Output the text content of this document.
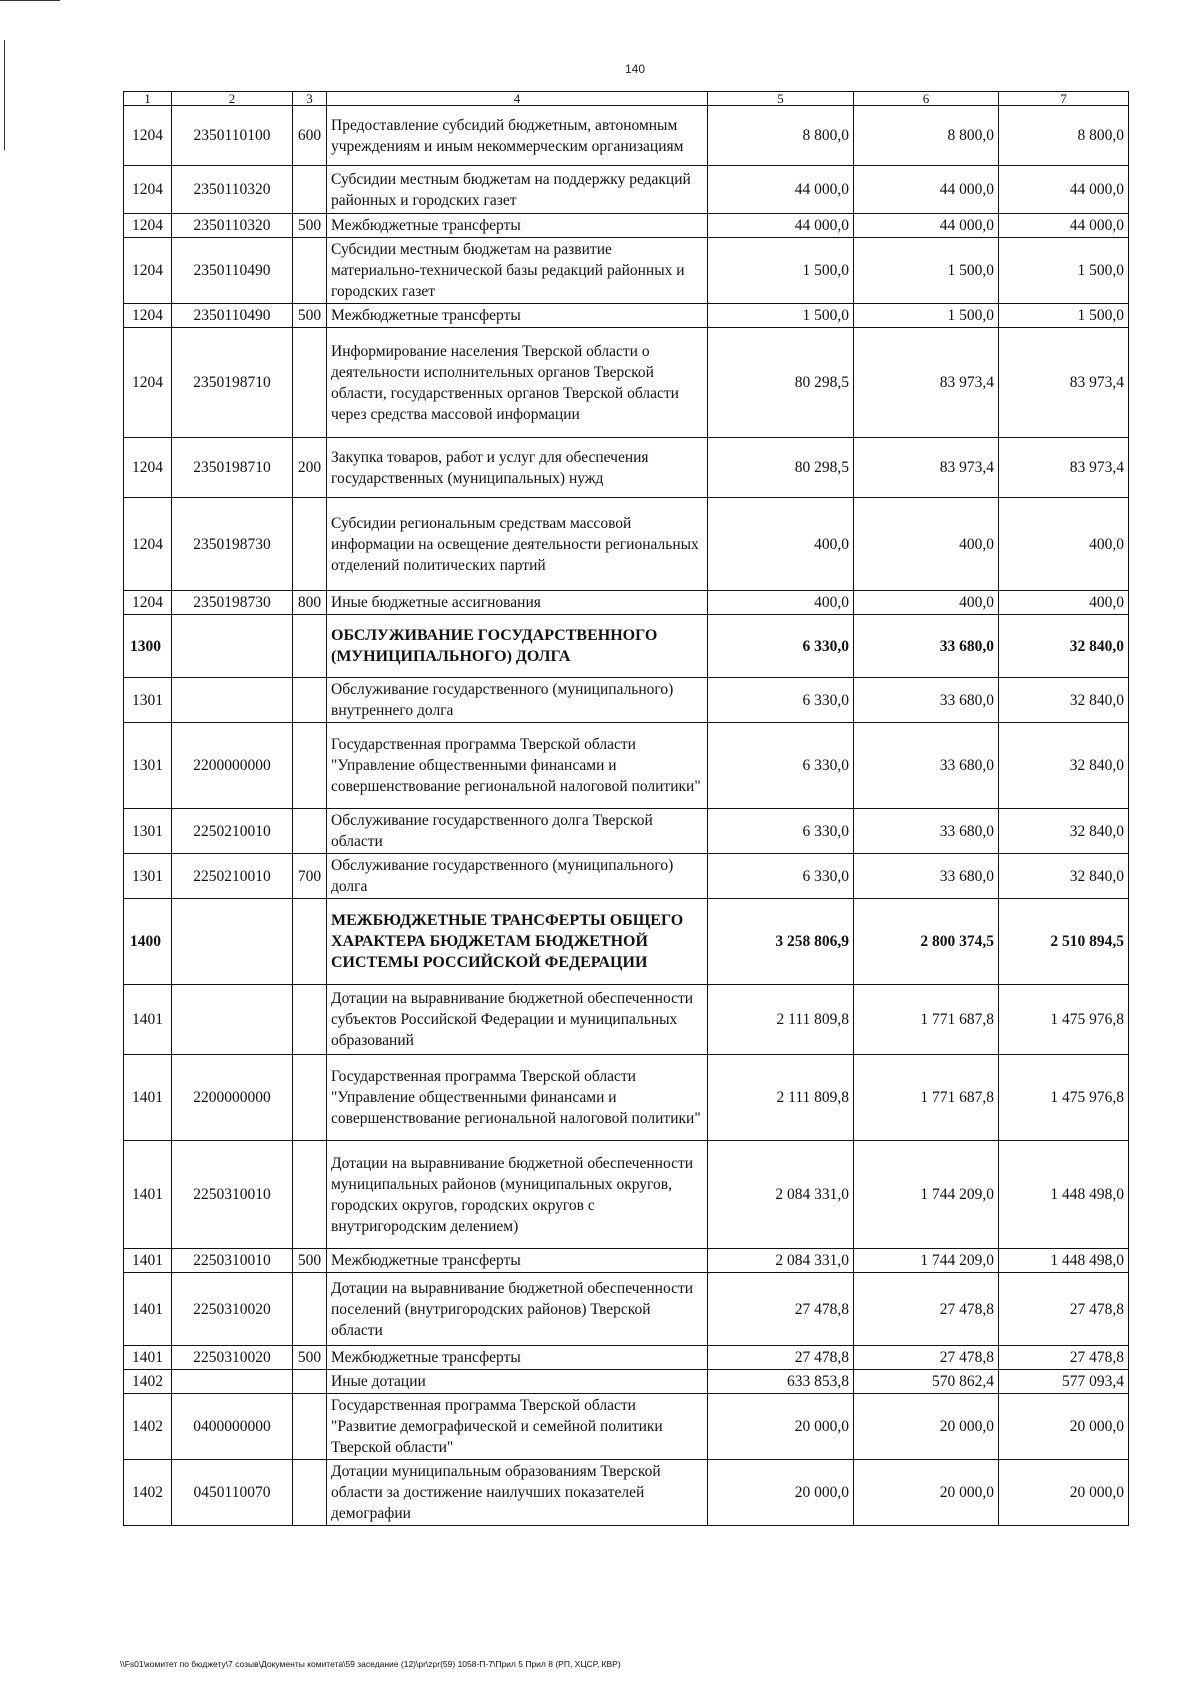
140
1	2	3	4	5	6	7
1204	2350110100	600	Предоставление субсидий бюджетным, автономным учреждениям и иным некоммерческим организациям	8 800,0	8 800,0	8 800,0
1204	2350110320		Субсидии местным бюджетам на поддержку редакций районных и городских газет	44 000,0	44 000,0	44 000,0
1204	2350110320	500	Межбюджетные трансферты	44 000,0	44 000,0	44 000,0
1204	2350110490		Субсидии местным бюджетам на развитие материально-технической базы редакций районных и городских газет	1 500,0	1 500,0	1 500,0
1204	2350110490	500	Межбюджетные трансферты	1 500,0	1 500,0	1 500,0
1204	2350198710		Информирование населения Тверской области о деятельности исполнительных органов Тверской области, государственных органов Тверской области через средства массовой информации	80 298,5	83 973,4	83 973,4
1204	2350198710	200	Закупка товаров, работ и услуг для обеспечения государственных (муниципальных) нужд	80 298,5	83 973,4	83 973,4
1204	2350198730		Субсидии региональным средствам массовой информации на освещение деятельности региональных отделений политических партий	400,0	400,0	400,0
1204	2350198730	800	Иные бюджетные ассигнования	400,0	400,0	400,0
1300			ОБСЛУЖИВАНИЕ ГОСУДАРСТВЕННОГО (МУНИЦИПАЛЬНОГО) ДОЛГА	6 330,0	33 680,0	32 840,0
1301			Обслуживание государственного (муниципального) внутреннего долга	6 330,0	33 680,0	32 840,0
1301	2200000000		Государственная программа Тверской области "Управление общественными финансами и совершенствование региональной налоговой политики"	6 330,0	33 680,0	32 840,0
1301	2250210010		Обслуживание государственного долга Тверской области	6 330,0	33 680,0	32 840,0
1301	2250210010	700	Обслуживание государственного (муниципального) долга	6 330,0	33 680,0	32 840,0
1400			МЕЖБЮДЖЕТНЫЕ ТРАНСФЕРТЫ ОБЩЕГО ХАРАКТЕРА БЮДЖЕТАМ БЮДЖЕТНОЙ СИСТЕМЫ РОССИЙСКОЙ ФЕДЕРАЦИИ	3 258 806,9	2 800 374,5	2 510 894,5
1401			Дотации на выравнивание бюджетной обеспеченности субъектов Российской Федерации и муниципальных образований	2 111 809,8	1 771 687,8	1 475 976,8
1401	2200000000		Государственная программа Тверской области "Управление общественными финансами и совершенствование региональной налоговой политики"	2 111 809,8	1 771 687,8	1 475 976,8
1401	2250310010		Дотации на выравнивание бюджетной обеспеченности муниципальных районов (муниципальных округов, городских округов, городских округов с внутригородским делением)	2 084 331,0	1 744 209,0	1 448 498,0
1401	2250310010	500	Межбюджетные трансферты	2 084 331,0	1 744 209,0	1 448 498,0
1401	2250310020		Дотации на выравнивание бюджетной обеспеченности поселений (внутригородских районов) Тверской области	27 478,8	27 478,8	27 478,8
1401	2250310020	500	Межбюджетные трансферты	27 478,8	27 478,8	27 478,8
1402			Иные дотации	633 853,8	570 862,4	577 093,4
1402	0400000000		Государственная программа Тверской области "Развитие демографической и семейной политики Тверской области"	20 000,0	20 000,0	20 000,0
1402	0450110070		Дотации муниципальным образованиям Тверской области за достижение наилучших показателей демографии	20 000,0	20 000,0	20 000,0
\\Fs01\комитет по бюджету\7 созыв\Документы комитета\59 заседание (12)\pr\zpr(59) 1058-П-7\Прил 5 Прил 8 (РП, ХЦСР, КВР)
